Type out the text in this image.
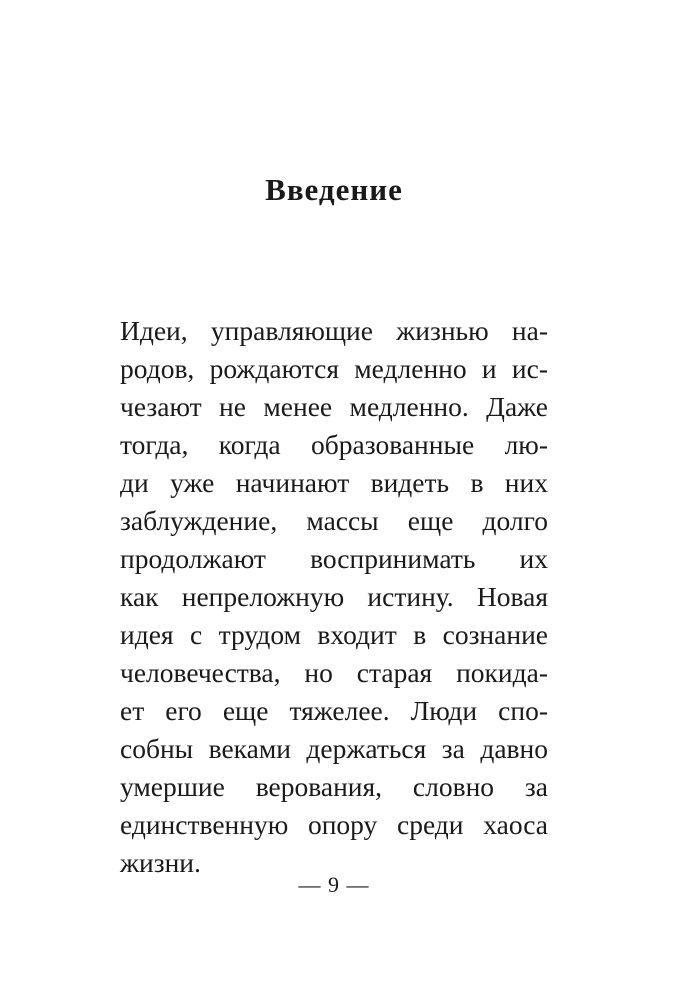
Введение
Идеи, управляющие жизнью на-
родов, рождаются медленно и ис-
чезают не менее медленно. Даже
тогда, когда образованные лю-
ди уже начинают видеть в них
заблуждение, массы еще долго
продолжают воспринимать их
как непреложную истину. Новая
идея с трудом входит в сознание
человечества, но старая покида-
ет его еще тяжелее. Люди спо-
собны веками держаться за давно
умершие верования, словно за
единственную опору среди хаоса
жизни.
— 9 —
